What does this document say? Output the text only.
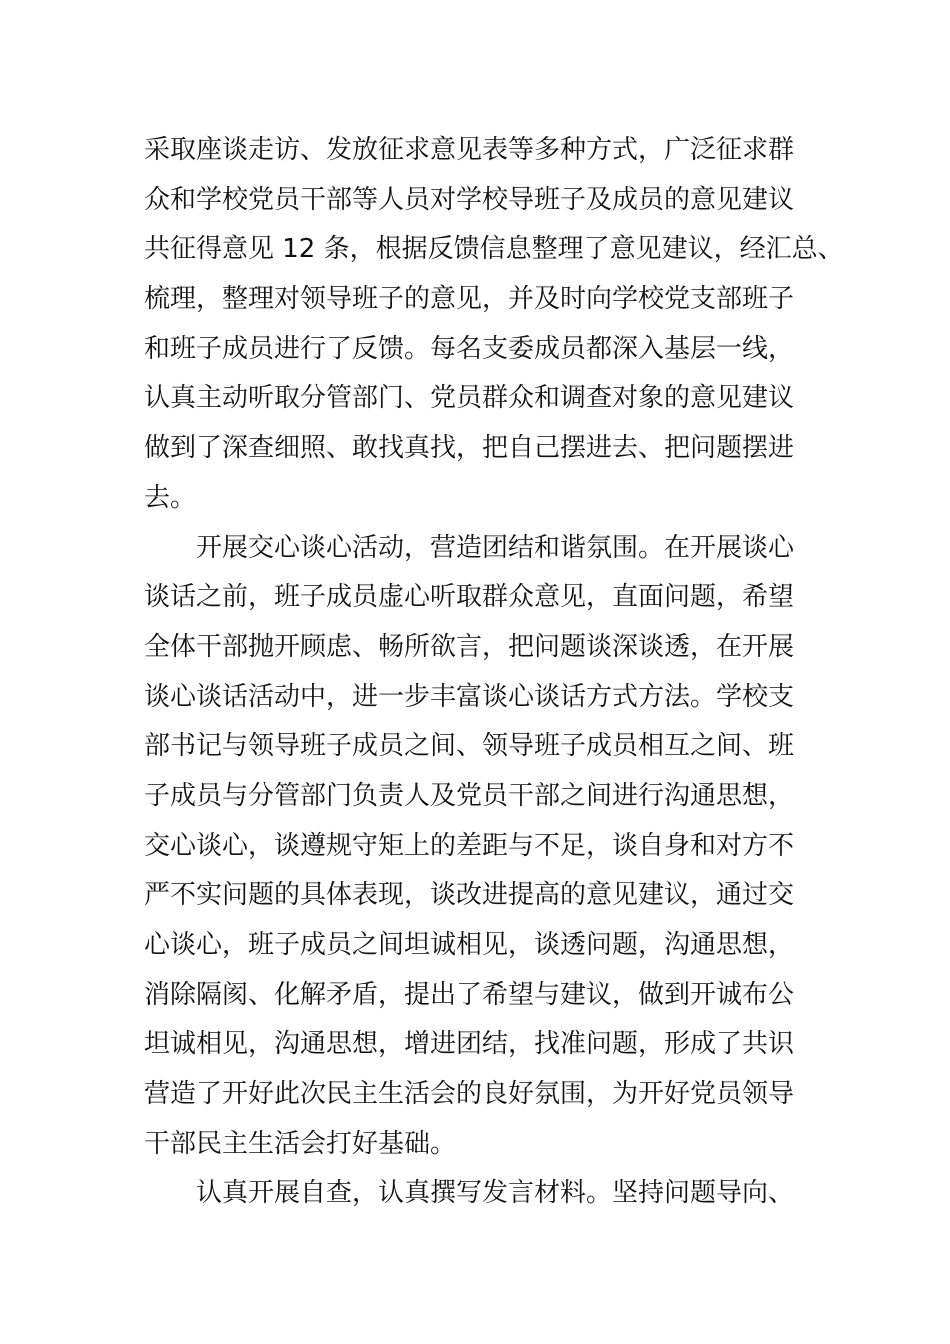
采取座谈走访、发放征求意见表等多种方式，广泛征求群
众和学校党员干部等人员对学校导班子及成员的意见建议
共征得意见 12 条，根据反馈信息整理了意见建议，经汇总、
梳理，整理对领导班子的意见，并及时向学校党支部班子
和班子成员进行了反馈。每名支委成员都深入基层一线，
认真主动听取分管部门、党员群众和调查对象的意见建议
做到了深查细照、敢找真找，把自己摆进去、把问题摆进
去。
开展交心谈心活动，营造团结和谐氛围。在开展谈心
谈话之前，班子成员虚心听取群众意见，直面问题，希望
全体干部抛开顾虑、畅所欲言，把问题谈深谈透，在开展
谈心谈话活动中，进一步丰富谈心谈话方式方法。学校支
部书记与领导班子成员之间、领导班子成员相互之间、班
子成员与分管部门负责人及党员干部之间进行沟通思想，
交心谈心，谈遵规守矩上的差距与不足，谈自身和对方不
严不实问题的具体表现，谈改进提高的意见建议，通过交
心谈心，班子成员之间坦诚相见，谈透问题，沟通思想，
消除隔阂、化解矛盾，提出了希望与建议，做到开诚布公
坦诚相见，沟通思想，增进团结，找准问题，形成了共识
营造了开好此次民主生活会的良好氛围，为开好党员领导
干部民主生活会打好基础。
认真开展自查，认真撰写发言材料。坚持问题导向、
